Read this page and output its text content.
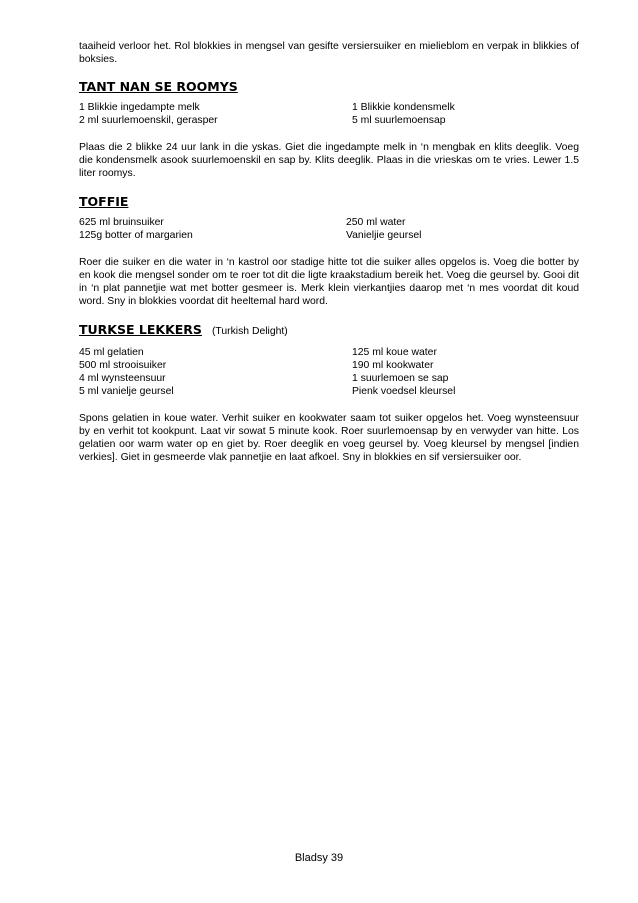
taaiheid verloor het. Rol blokkies in mengsel van gesifte versiersuiker en mielieblom en verpak in blikkies of boksies.

TANT NAN SE ROOMYS
1 Blikkie ingedampte melk
2 ml suurlemoenskil, gerasper
1 Blikkie kondensmelk
5 ml suurlemoensap

Plaas die 2 blikke 24 uur lank in die yskas. Giet die ingedampte melk in ‘n mengbak en klits deeglik. Voeg die kondensmelk asook suurlemoenskil en sap by. Klits deeglik. Plaas in die vrieskas om te vries. Lewer 1.5 liter roomys.

TOFFIE
625 ml bruinsuiker
125g botter of margarien
250 ml water
Vanieljie geursel

Roer die suiker en die water in ‘n kastrol oor stadige hitte tot die suiker alles opgelos is. Voeg die botter by en kook die mengsel sonder om te roer tot dit die ligte kraakstadium bereik het. Voeg die geursel by. Gooi dit in ‘n plat pannetjie wat met botter gesmeer is. Merk klein vierkantjies daarop met ‘n mes voordat dit koud word. Sny in blokkies voordat dit heeltemal hard word.

TURKSE LEKKERS (Turkish Delight)
45 ml gelatien
500 ml strooisuiker
4 ml wynsteensuur
5 ml vanielje geursel
125 ml koue water
190 ml kookwater
1 suurlemoen se sap
Pienk voedsel kleursel

Spons gelatien in koue water. Verhit suiker en kookwater saam tot suiker opgelos het. Voeg wynsteensuur by en verhit tot kookpunt. Laat vir sowat 5 minute kook. Roer suurlemoensap by en verwyder van hitte. Los gelatien oor warm water op en giet by. Roer deeglik en voeg geursel by. Voeg kleursel by mengsel [indien verkies]. Giet in gesmeerde vlak pannetjie en laat afkoel. Sny in blokkies en sif versiersuiker oor.

Bladsy 39
